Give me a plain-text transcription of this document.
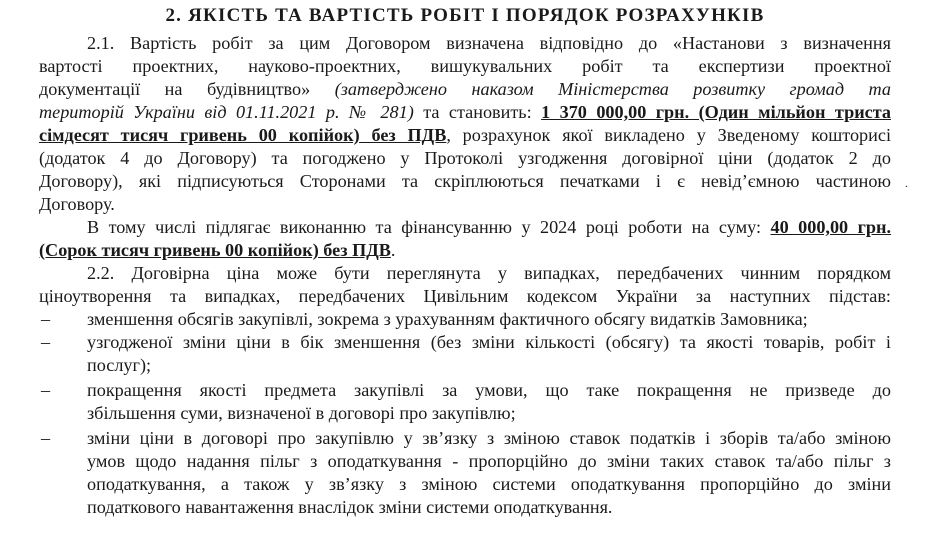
2. ЯКІСТЬ ТА ВАРТІСТЬ РОБІТ І ПОРЯДОК РОЗРАХУНКІВ
2.1. Вартість робіт за цим Договором визначена відповідно до «Настанови з визначення
вартості проектних, науково-проектних, вишукувальних робіт та експертизи проектної
документації на будівництво» (затверджено наказом Міністерства розвитку громад та
територій України від 01.11.2021 р. № 281) та становить: 1 370 000,00 грн. (Один мільйон триста
сімдесят тисяч гривень 00 копійок) без ПДВ, розрахунок якої викладено у Зведеному кошторисі
(додаток 4 до Договору) та погоджено у Протоколі узгодження договірної ціни (додаток 2 до
Договору), які підписуються Сторонами та скріплюються печатками і є невід’ємною частиною
Договору.
В тому числі підлягає виконанню та фінансуванню у 2024 році роботи на суму: 40 000,00 грн.
(Сорок тисяч гривень 00 копійок) без ПДВ.
2.2. Договірна ціна може бути переглянута у випадках, передбачених чинним порядком
ціноутворення та випадках, передбачених Цивільним кодексом України за наступних підстав:
– зменшення обсягів закупівлі, зокрема з урахуванням фактичного обсягу видатків Замовника;
– узгодженої зміни ціни в бік зменшення (без зміни кількості (обсягу) та якості товарів, робіт і
послуг);
– покращення якості предмета закупівлі за умови, що таке покращення не призведе до
збільшення суми, визначеної в договорі про закупівлю;
– зміни ціни в договорі про закупівлю у зв’язку з зміною ставок податків і зборів та/або зміною
умов щодо надання пільг з оподаткування - пропорційно до зміни таких ставок та/або пільг з
оподаткування, а також у зв’язку з зміною системи оподаткування пропорційно до зміни
податкового навантаження внаслідок зміни системи оподаткування.
.
